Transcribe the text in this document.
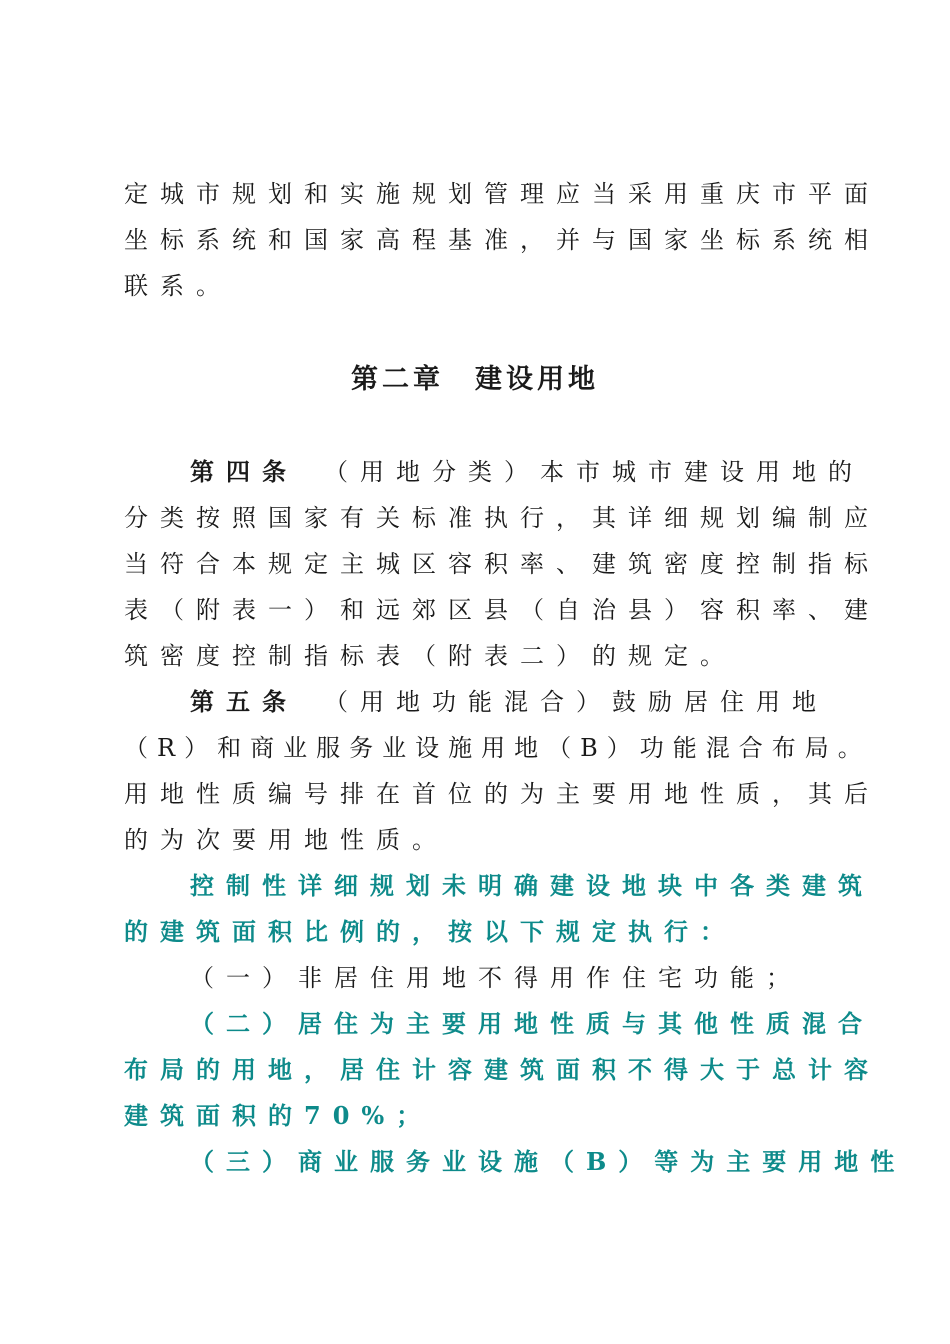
定城市规划和实施规划管理应当采用重庆市平面
坐标系统和国家高程基准，并与国家坐标系统相
联系。
第二章　建设用地
第四条 （用地分类）本市城市建设用地的
分类按照国家有关标准执行，其详细规划编制应
当符合本规定主城区容积率、建筑密度控制指标
表（附表一）和远郊区县（自治县）容积率、建
筑密度控制指标表（附表二）的规定。
第五条 （用地功能混合）鼓励居住用地
（R）和商业服务业设施用地（B）功能混合布局。
用地性质编号排在首位的为主要用地性质，其后
的为次要用地性质。
控制性详细规划未明确建设地块中各类建筑
的建筑面积比例的，按以下规定执行：
（一）非居住用地不得用作住宅功能；
（二）居住为主要用地性质与其他性质混合
布局的用地，居住计容建筑面积不得大于总计容
建筑面积的70%；
（三）商业服务业设施（B）等为主要用地性
